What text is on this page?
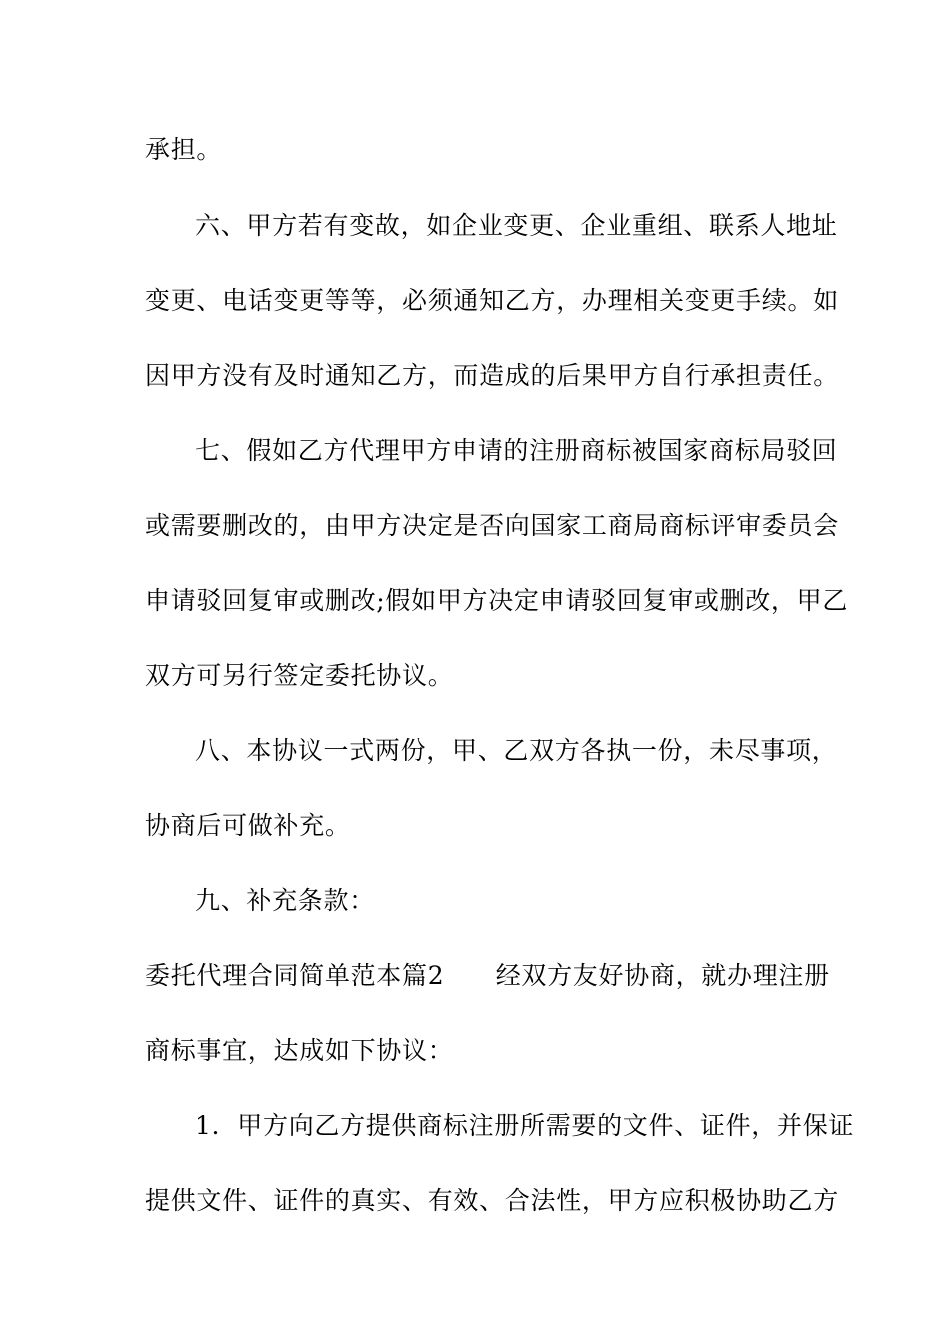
承担。
六、甲方若有变故，如企业变更、企业重组、联系人地址
变更、电话变更等等，必须通知乙方，办理相关变更手续。如
因甲方没有及时通知乙方，而造成的后果甲方自行承担责任。
七、假如乙方代理甲方申请的注册商标被国家商标局驳回
或需要删改的，由甲方决定是否向国家工商局商标评审委员会
申请驳回复审或删改;假如甲方决定申请驳回复审或删改，甲乙
双方可另行签定委托协议。
八、本协议一式两份，甲、乙双方各执一份，未尽事项，
协商后可做补充。
九、补充条款：
委托代理合同简单范本篇2　　经双方友好协商，就办理注册
商标事宜，达成如下协议：
1．甲方向乙方提供商标注册所需要的文件、证件，并保证
提供文件、证件的真实、有效、合法性，甲方应积极协助乙方
